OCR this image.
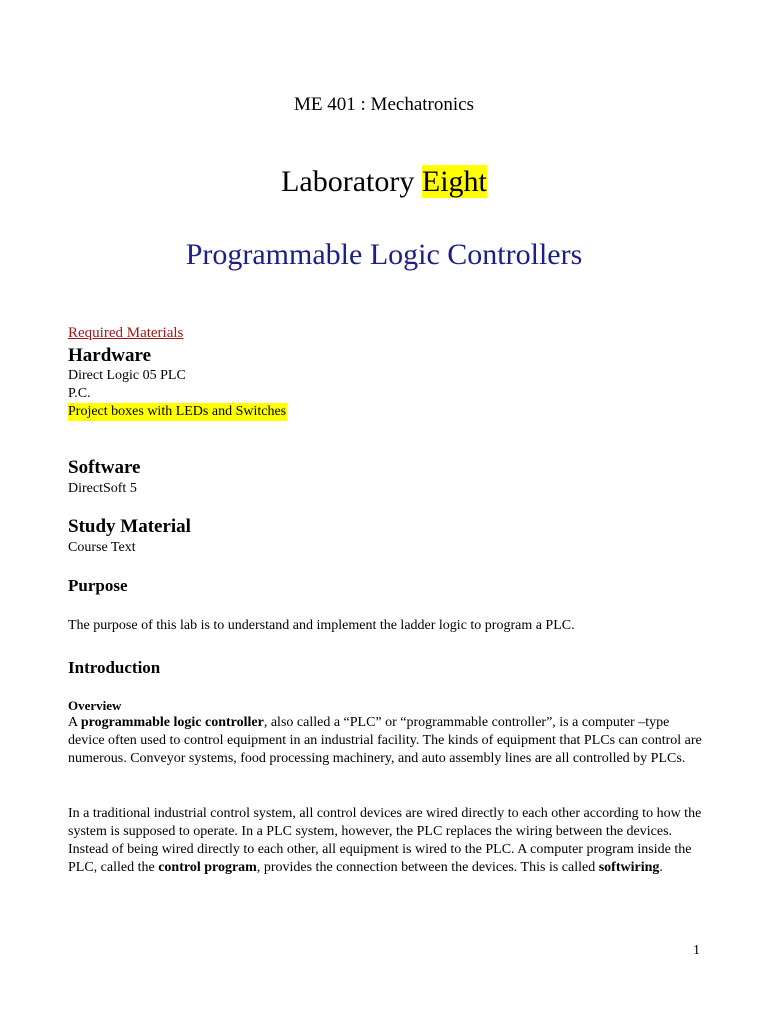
ME 401 : Mechatronics
Laboratory Eight
Programmable Logic Controllers
Required Materials
Hardware
Direct Logic 05 PLC
P.C.
Project boxes with LEDs and Switches
Software
DirectSoft 5
Study Material
Course Text
Purpose
The purpose of this lab is to understand and implement the ladder logic to program a PLC.
Introduction
Overview
A programmable logic controller, also called a “PLC” or “programmable controller”, is a computer –type device often used to control equipment in an industrial facility. The kinds of equipment that PLCs can control are numerous. Conveyor systems, food processing machinery, and auto assembly lines are all controlled by PLCs.
In a traditional industrial control system, all control devices are wired directly to each other according to how the system is supposed to operate. In a PLC system, however, the PLC replaces the wiring between the devices. Instead of being wired directly to each other, all equipment is wired to the PLC. A computer program inside the PLC, called the control program, provides the connection between the devices. This is called softwiring.
1
